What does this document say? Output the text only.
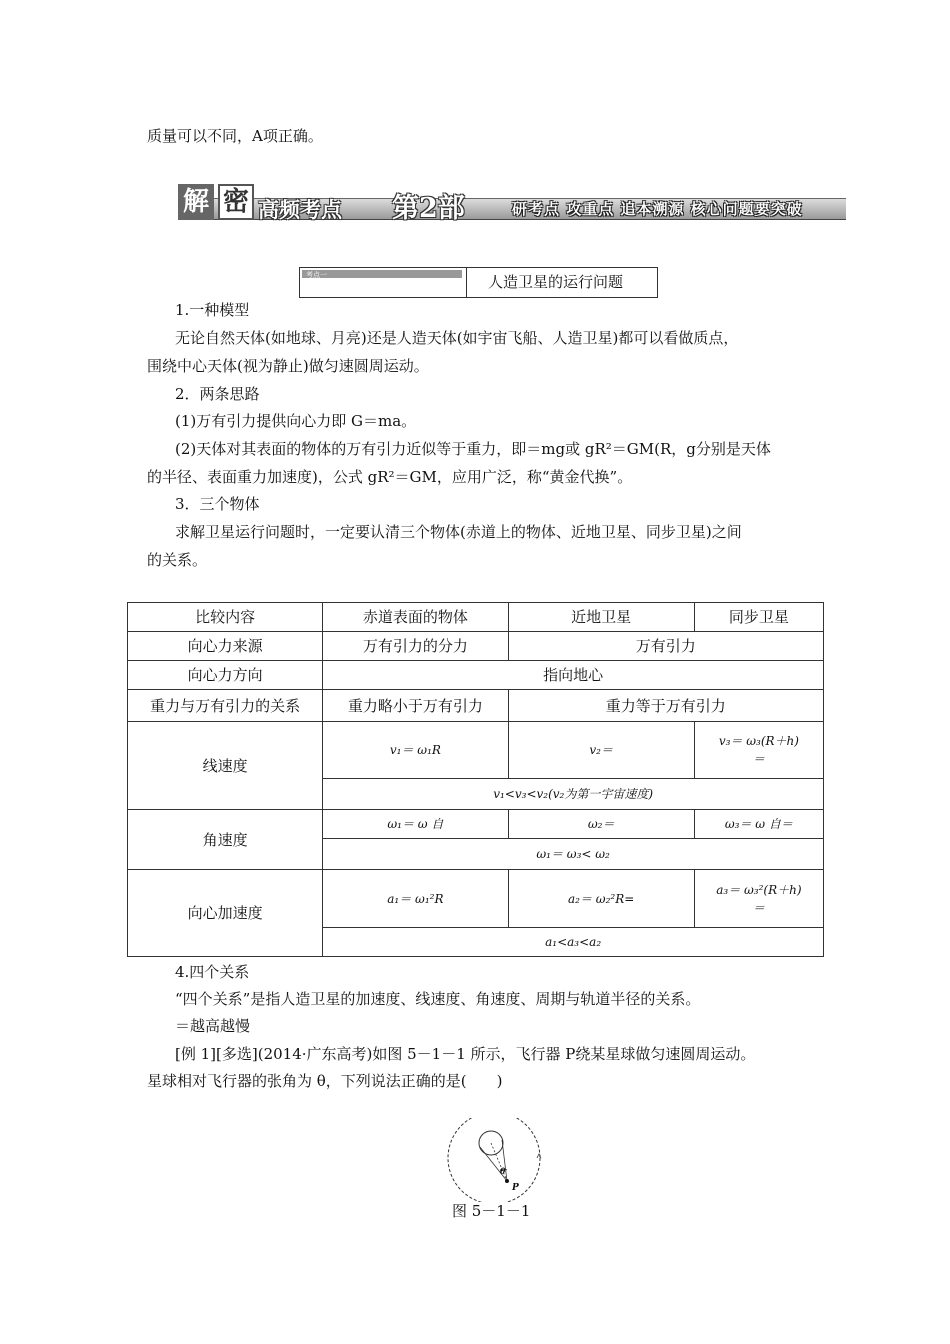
质量可以不同，A项正确。
解 密 高频考点 第2部	研考点 攻重点 追本溯源 核心问题要突破
考点一	人造卫星的运行问题
1.一种模型
无论自然天体(如地球、月亮)还是人造天体(如宇宙飞船、人造卫星)都可以看做质点，
围绕中心天体(视为静止)做匀速圆周运动。
2．两条思路
(1)万有引力提供向心力即 G＝ma。
(2)天体对其表面的物体的万有引力近似等于重力，即＝mg或 gR²＝GM(R，g分别是天体
的半径、表面重力加速度)，公式 gR²＝GM，应用广泛，称“黄金代换”。
3．三个物体
求解卫星运行问题时，一定要认清三个物体(赤道上的物体、近地卫星、同步卫星)之间
的关系。
比较内容	赤道表面的物体	近地卫星	同步卫星
向心力来源	万有引力的分力	万有引力	
向心力方向	指向地心		
重力与万有引力的关系	重力略小于万有引力	重力等于万有引力	
线速度	v₁＝ ω₁R	v₂＝	v₃＝ ω₃(R＋h)
＝

	v₁<v₃<v₂(v₂为第一宇宙速度)		
角速度	ω₁＝ ω 自	ω₂＝	ω₃＝ ω 自＝
	ω₁＝ ω₃< ω₂		
向心加速度	a₁＝ ω₁²R	a₂＝ ω₂²R=	a₃＝ ω₃²(R＋h)
＝

	a₁<a₃<a₂		
4.四个关系
“四个关系”是指人造卫星的加速度、线速度、角速度、周期与轨道半径的关系。
＝越高越慢
[例 1][多选](2014·广东高考)如图 5－1－1 所示，飞行器 P绕某星球做匀速圆周运动。
星球相对飞行器的张角为 θ，下列说法正确的是(　　)
θ
P
图 5－1－1
